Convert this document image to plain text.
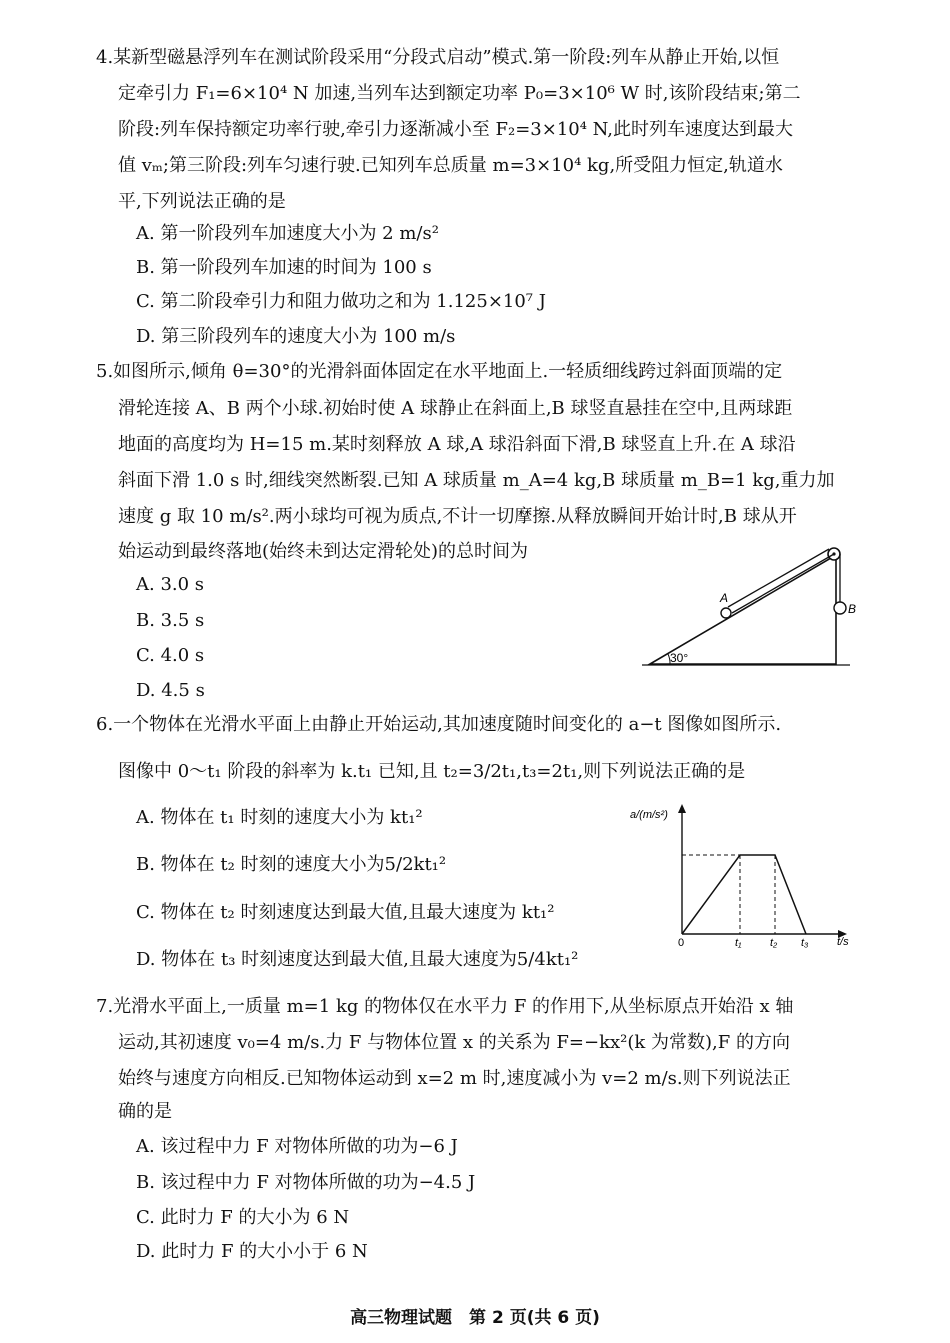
4.某新型磁悬浮列车在测试阶段采用“分段式启动”模式.第一阶段:列车从静止开始,以恒
定牵引力 F₁=6×10⁴ N 加速,当列车达到额定功率 P₀=3×10⁶ W 时,该阶段结束;第二
阶段:列车保持额定功率行驶,牵引力逐渐减小至 F₂=3×10⁴ N,此时列车速度达到最大
值 vₘ;第三阶段:列车匀速行驶.已知列车总质量 m=3×10⁴ kg,所受阻力恒定,轨道水
平,下列说法正确的是
A. 第一阶段列车加速度大小为 2 m/s²
B. 第一阶段列车加速的时间为 100 s
C. 第二阶段牵引力和阻力做功之和为 1.125×10⁷ J
D. 第三阶段列车的速度大小为 100 m/s
5.如图所示,倾角 θ=30°的光滑斜面体固定在水平地面上.一轻质细线跨过斜面顶端的定
滑轮连接 A、B 两个小球.初始时使 A 球静止在斜面上,B 球竖直悬挂在空中,且两球距
地面的高度均为 H=15 m.某时刻释放 A 球,A 球沿斜面下滑,B 球竖直上升.在 A 球沿
斜面下滑 1.0 s 时,细线突然断裂.已知 A 球质量 m_A=4 kg,B 球质量 m_B=1 kg,重力加
速度 g 取 10 m/s².两小球均可视为质点,不计一切摩擦.从释放瞬间开始计时,B 球从开
始运动到最终落地(始终未到达定滑轮处)的总时间为
A. 3.0 s
B. 3.5 s
C. 4.0 s
D. 4.5 s
A
B
30°
6.一个物体在光滑水平面上由静止开始运动,其加速度随时间变化的 a−t 图像如图所示.
图像中 0～t₁ 阶段的斜率为 k.t₁ 已知,且 t₂=3/2t₁,t₃=2t₁,则下列说法正确的是
A. 物体在 t₁ 时刻的速度大小为 kt₁²
B. 物体在 t₂ 时刻的速度大小为5/2kt₁²
C. 物体在 t₂ 时刻速度达到最大值,且最大速度为 kt₁²
D. 物体在 t₃ 时刻速度达到最大值,且最大速度为5/4kt₁²
a/(m/s²)
t/s
0	t₁	t₂ t₃
7.光滑水平面上,一质量 m=1 kg 的物体仅在水平力 F 的作用下,从坐标原点开始沿 x 轴
运动,其初速度 v₀=4 m/s.力 F 与物体位置 x 的关系为 F=−kx²(k 为常数),F 的方向
始终与速度方向相反.已知物体运动到 x=2 m 时,速度减小为 v=2 m/s.则下列说法正
确的是
A. 该过程中力 F 对物体所做的功为−6 J
B. 该过程中力 F 对物体所做的功为−4.5 J
C. 此时力 F 的大小为 6 N
D. 此时力 F 的大小小于 6 N
高三物理试题　第 2 页(共 6 页)
